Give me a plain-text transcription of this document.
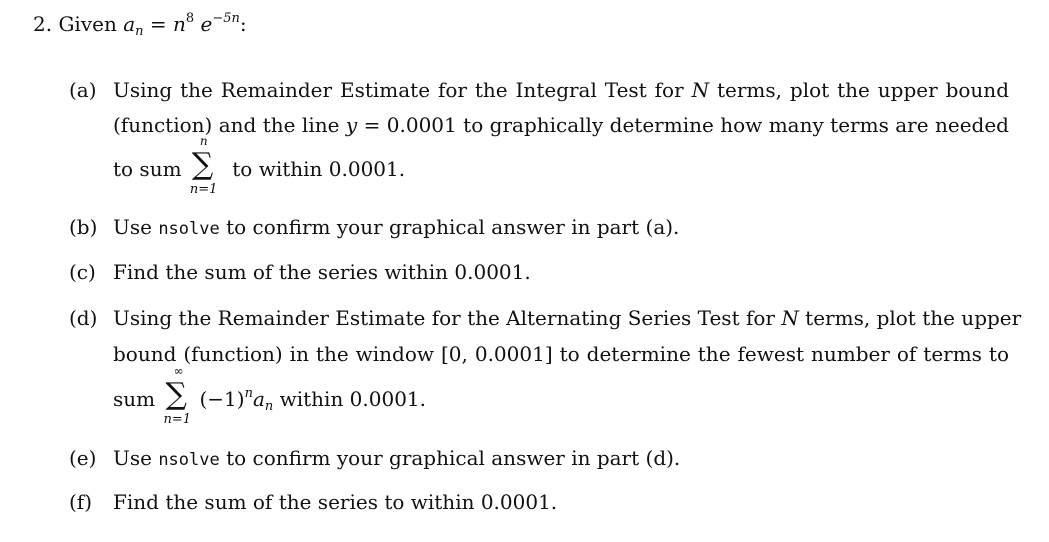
2. Given $a_n = n^8$ $e^{-5n}$:
(a) Using the Remainder Estimate for the Integral Test for N terms, plot the upper bound
(function) and the line y = 0.0001 to graphically determine how many terms are needed
to sum
n
∑
n=1
to within 0.0001.
(b) Use nsolve to confirm your graphical answer in part (a).
(c) Find the sum of the series within 0.0001.
(d) Using the Remainder Estimate for the Alternating Series Test for N terms, plot the upper
bound (function) in the window [0, 0.0001] to determine the fewest number of terms to
sum
∞
∑
n=1
$(-1)^na_n$ within 0.0001.
(e) Use nsolve to confirm your graphical answer in part (d).
(f)	Find the sum of the series to within 0.0001.
